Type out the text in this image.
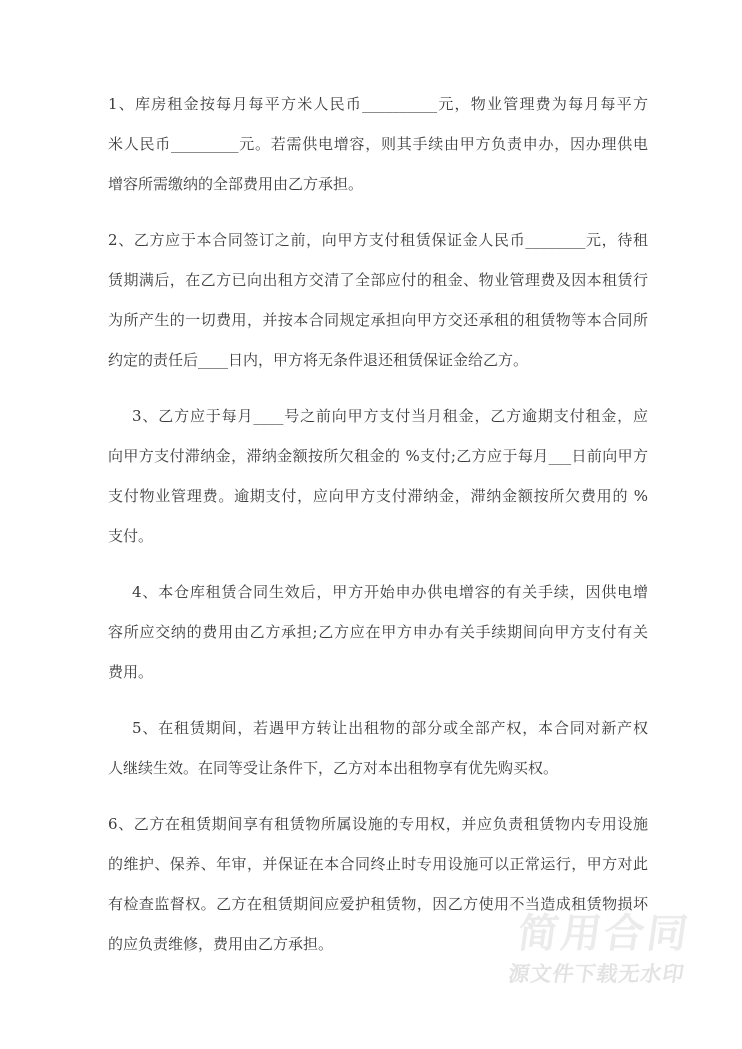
1、库房租金按每月每平方米人民币__________元，物业管理费为每月每平方
米人民币_________元。若需供电增容，则其手续由甲方负责申办，因办理供电
增容所需缴纳的全部费用由乙方承担。
2、乙方应于本合同签订之前，向甲方支付租赁保证金人民币________元，待租
赁期满后，在乙方已向出租方交清了全部应付的租金、物业管理费及因本租赁行
为所产生的一切费用，并按本合同规定承担向甲方交还承租的租赁物等本合同所
约定的责任后____日内，甲方将无条件退还租赁保证金给乙方。
3、乙方应于每月____号之前向甲方支付当月租金，乙方逾期支付租金，应
向甲方支付滞纳金，滞纳金额按所欠租金的 %支付;乙方应于每月___日前向甲方
支付物业管理费。逾期支付，应向甲方支付滞纳金，滞纳金额按所欠费用的 %
支付。
4、本仓库租赁合同生效后，甲方开始申办供电增容的有关手续，因供电增
容所应交纳的费用由乙方承担;乙方应在甲方申办有关手续期间向甲方支付有关
费用。
5、在租赁期间，若遇甲方转让出租物的部分或全部产权，本合同对新产权
人继续生效。在同等受让条件下，乙方对本出租物享有优先购买权。
6、乙方在租赁期间享有租赁物所属设施的专用权，并应负责租赁物内专用设施
的维护、保养、年审，并保证在本合同终止时专用设施可以正常运行，甲方对此
有检查监督权。乙方在租赁期间应爱护租赁物，因乙方使用不当造成租赁物损坏
的应负责维修，费用由乙方承担。	简用合同
源文件下载无水印
